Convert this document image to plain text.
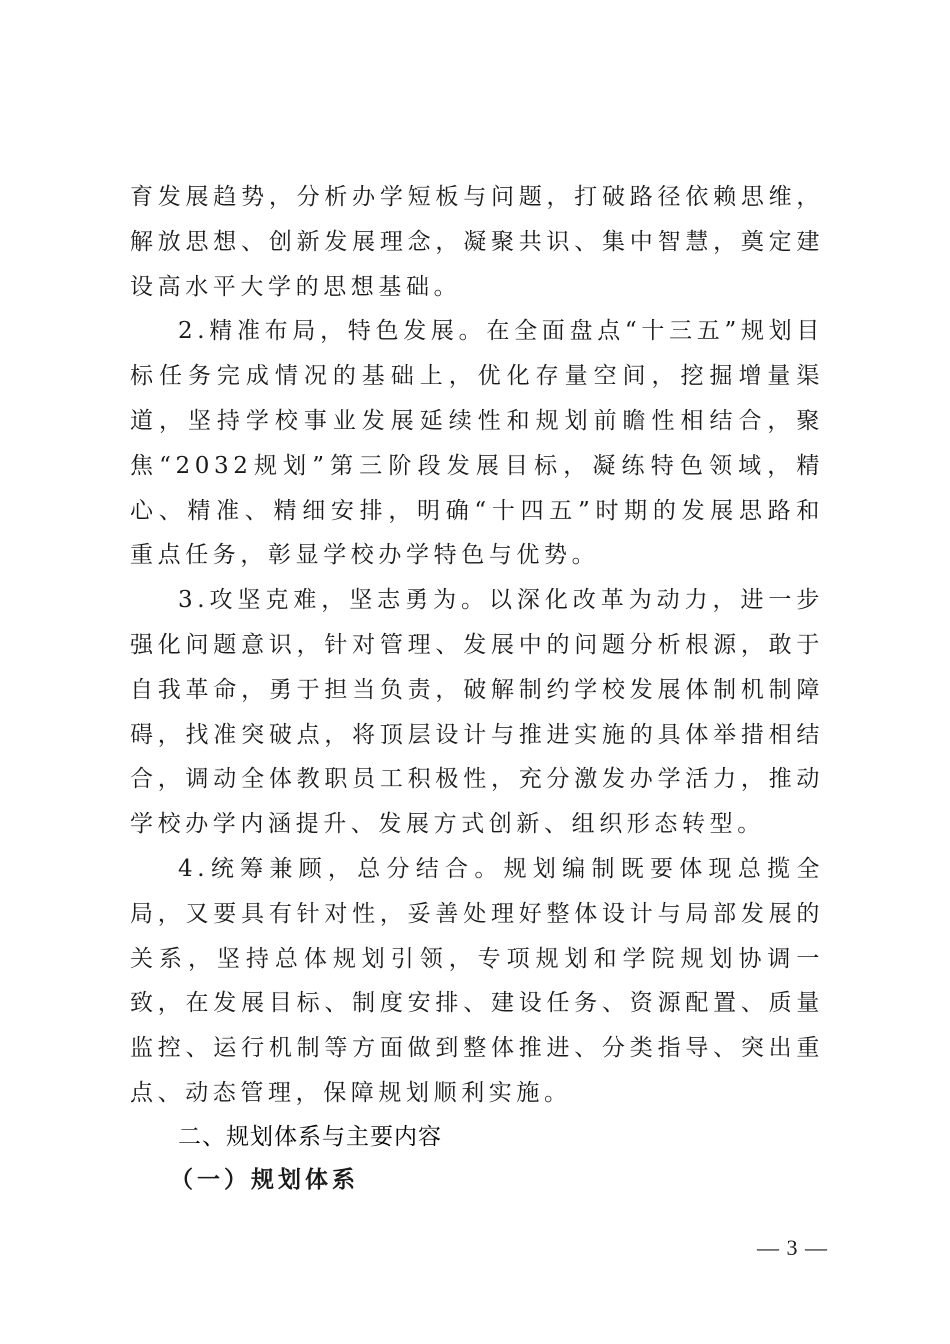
育发展趋势，分析办学短板与问题，打破路径依赖思维，解放思想、创新发展理念，凝聚共识、集中智慧，奠定建设高水平大学的思想基础。

2.精准布局，特色发展。在全面盘点“十三五”规划目标任务完成情况的基础上，优化存量空间，挖掘增量渠道，坚持学校事业发展延续性和规划前瞻性相结合，聚焦“2032规划”第三阶段发展目标，凝练特色领域，精心、精准、精细安排，明确“十四五”时期的发展思路和重点任务，彰显学校办学特色与优势。

3.攻坚克难，坚志勇为。以深化改革为动力，进一步强化问题意识，针对管理、发展中的问题分析根源，敢于自我革命，勇于担当负责，破解制约学校发展体制机制障碍，找准突破点，将顶层设计与推进实施的具体举措相结合，调动全体教职员工积极性，充分激发办学活力，推动学校办学内涵提升、发展方式创新、组织形态转型。

4.统筹兼顾，总分结合。规划编制既要体现总揽全局，又要具有针对性，妥善处理好整体设计与局部发展的关系，坚持总体规划引领，专项规划和学院规划协调一致，在发展目标、制度安排、建设任务、资源配置、质量监控、运行机制等方面做到整体推进、分类指导、突出重点、动态管理，保障规划顺利实施。

二、规划体系与主要内容
（一）规划体系
— 3 —
